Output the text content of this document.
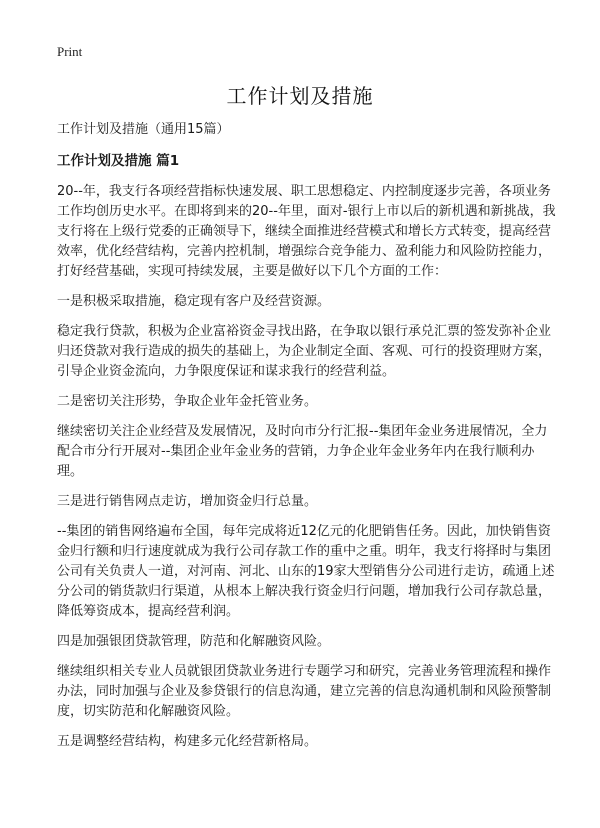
Print
工作计划及措施

工作计划及措施（通用15篇）

工作计划及措施 篇1

20--年，我支行各项经营指标快速发展、职工思想稳定、内控制度逐步完善，各项业务工作均创历史水平。在即将到来的20--年里，面对-银行上市以后的新机遇和新挑战，我支行将在上级行党委的正确领导下，继续全面推进经营模式和增长方式转变，提高经营效率，优化经营结构，完善内控机制，增强综合竞争能力、盈利能力和风险防控能力，打好经营基础，实现可持续发展，主要是做好以下几个方面的工作：

一是积极采取措施，稳定现有客户及经营资源。

稳定我行贷款，积极为企业富裕资金寻找出路，在争取以银行承兑汇票的签发弥补企业归还贷款对我行造成的损失的基础上，为企业制定全面、客观、可行的投资理财方案，引导企业资金流向，力争限度保证和谋求我行的经营利益。

二是密切关注形势，争取企业年金托管业务。

继续密切关注企业经营及发展情况，及时向市分行汇报--集团年金业务进展情况，全力配合市分行开展对--集团企业年金业务的营销，力争企业年金业务年内在我行顺利办理。

三是进行销售网点走访，增加资金归行总量。

--集团的销售网络遍布全国，每年完成将近12亿元的化肥销售任务。因此，加快销售资金归行额和归行速度就成为我行公司存款工作的重中之重。明年，我支行将择时与集团公司有关负责人一道，对河南、河北、山东的19家大型销售分公司进行走访，疏通上述分公司的销货款归行渠道，从根本上解决我行资金归行问题，增加我行公司存款总量，降低筹资成本，提高经营利润。

四是加强银团贷款管理，防范和化解融资风险。

继续组织相关专业人员就银团贷款业务进行专题学习和研究，完善业务管理流程和操作办法，同时加强与企业及参贷银行的信息沟通，建立完善的信息沟通机制和风险预警制度，切实防范和化解融资风险。

五是调整经营结构，构建多元化经营新格局。
